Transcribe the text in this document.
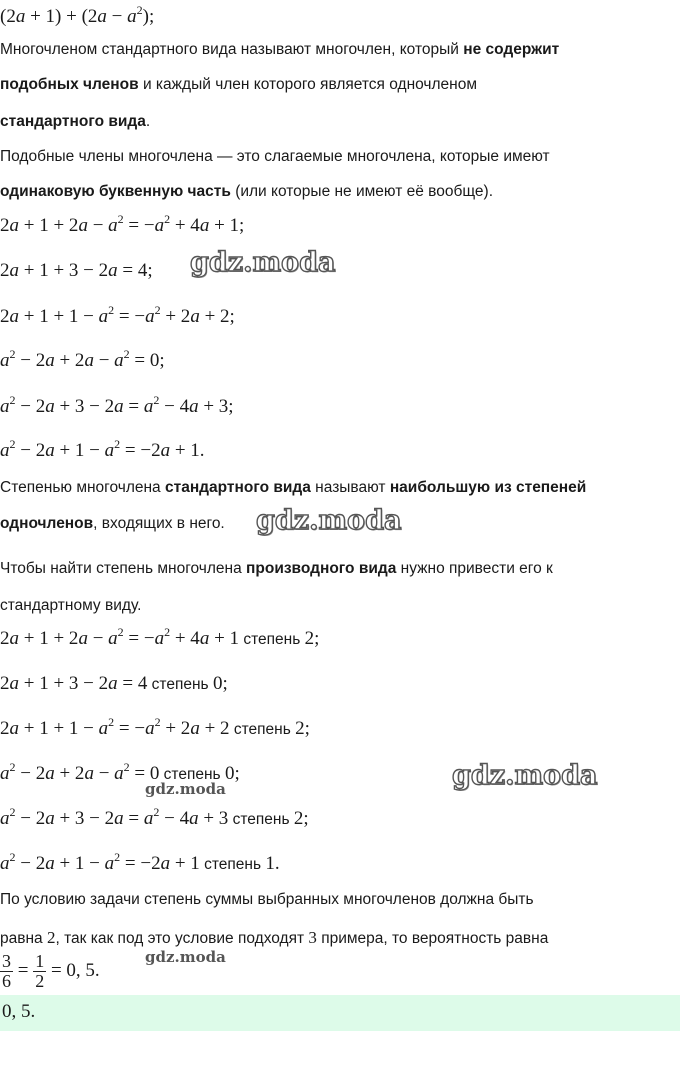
$(2a + 1) + (2a - a^2)$;
Многочленом стандартного вида называют многочлен, который не содержит
подобных членов и каждый член которого является одночленом
стандартного вида.
Подобные члены многочлена — это слагаемые многочлена, которые имеют
одинаковую буквенную часть (или которые не имеют её вообще).
$2a + 1 + 2a - a^2 = -a^2 + 4a + 1$;
2a + 1 + 3 − 2a = 4;
$2a + 1 + 1 - a^2 = -a^2 + 2a + 2$;
$a^2 - 2a + 2a - a^2 = 0$;
$a^2 - 2a + 3 - 2a = a^2 - 4a + 3$;
$a^2 - 2a + 1 - a^2 = -2a + 1$.
Степенью многочлена стандартного вида называют наибольшую из степеней
одночленов, входящих в него.
Чтобы найти степень многочлена производного вида нужно привести его к
стандартному виду.
$2a + 1 + 2a - a^2 = -a^2 + 4a + 1$ степень 2;
2a + 1 + 3 − 2a = 4 степень 0;
$2a + 1 + 1 - a^2 = -a^2 + 2a + 2$ степень 2;
$a^2 - 2a + 2a - a^2 = 0$ степень 0;
$a^2 - 2a + 3 - 2a = a^2 - 4a + 3$ степень 2;
$a^2 - 2a + 1 - a^2 = -2a + 1$ степень 1.
По условию задачи степень суммы выбранных многочленов должна быть
равна 2, так как под это условие подходят 3 примера, то вероятность равна
$\frac{3}{6} = \frac{1}{2} = 0$, 5.
0, 5.
gdz.moda
gdz.moda
gdz.moda
gdz.moda
gdz.moda
